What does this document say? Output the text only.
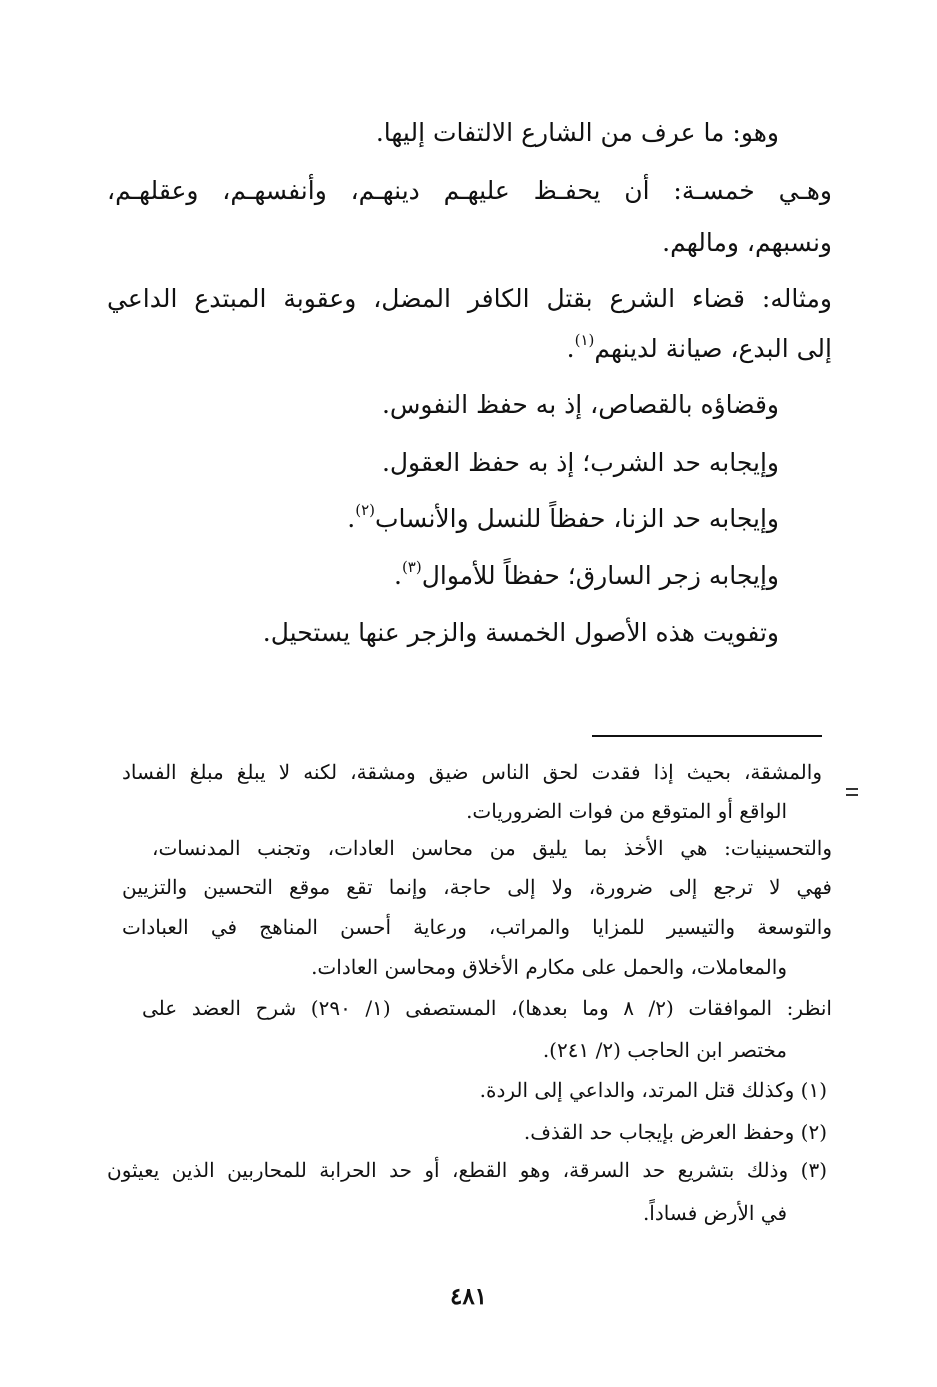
وهو: ما عرف من الشارع الالتفات إليها.
وهـي خمسـة: أن يحفـظ عليهـم دينهـم، وأنفسهـم، وعقلهـم،
ونسبهم، ومالهم.
ومثاله: قضاء الشرع بقتل الكافر المضل، وعقوبة المبتدع الداعي
إلى البدع، صيانة لدينهم$^{(١)}$.
وقضاؤه بالقصاص، إذ به حفظ النفوس.
وإيجابه حد الشرب؛ إذ به حفظ العقول.
وإيجابه حد الزنا، حفظاً للنسل والأنساب$^{(٢)}$.
وإيجابه زجر السارق؛ حفظاً للأموال$^{(٣)}$.
وتفويت هذه الأصول الخمسة والزجر عنها يستحيل.
والمشقة، بحيث إذا فقدت لحق الناس ضيق ومشقة، لكنه لا يبلغ مبلغ الفساد
الواقع أو المتوقع من فوات الضروريات.
والتحسينيات: هي الأخذ بما يليق من محاسن العادات، وتجنب المدنسات،
فهي لا ترجع إلى ضرورة، ولا إلى حاجة، وإنما تقع موقع التحسين والتزيين
والتوسعة والتيسير للمزايا والمراتب، ورعاية أحسن المناهج في العبادات
والمعاملات، والحمل على مكارم الأخلاق ومحاسن العادات.
انظر: الموافقات (٢/ ٨ وما بعدها)، المستصفى (١/ ٢٩٠) شرح العضد على
مختصر ابن الحاجب (٢/ ٢٤١).
(١) وكذلك قتل المرتد، والداعي إلى الردة.
(٢) وحفظ العرض بإيجاب حد القذف.
(٣) وذلك بتشريع حد السرقة، وهو القطع، أو حد الحرابة للمحاربين الذين يعيثون
في الأرض فساداً.
٤٨١
